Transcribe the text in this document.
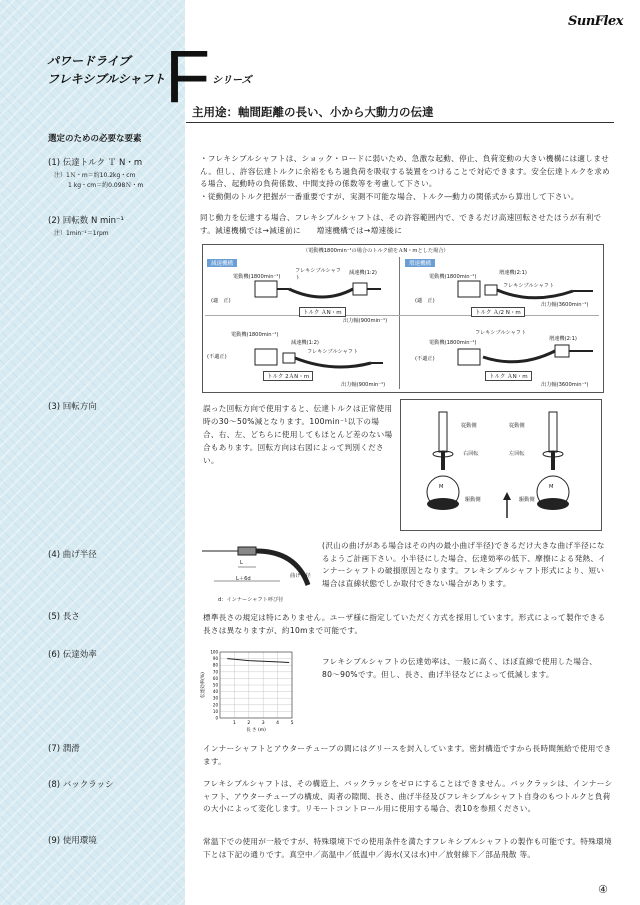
パワードライブ
フレキシブルシャフト F シリーズ
SunFlex
主用途：軸間距離の長い、小から大動力の伝達
選定のための必要な要素
(1) 伝達トルク Ｔ N・m
注）1Ｎ・m＝約10.2kg・cm
1 kg・cm＝約0.098Ｎ・m
・フレキシブルシャフトは、ショック・ロードに弱いため、急激な起動、停止、負荷変動の大きい機構には適しません。但し、許容伝達トルクに余裕をもち過負荷を吸収する装置をつけることで対応できます。安全伝達トルクを求める場合、起動時の負荷係数、中間支持の係数等を考慮して下さい。
・従動側のトルク把握が一番重要ですが、実測不可能な場合、トルク―動力の関係式から算出して下さい。
(2) 回転数 N min⁻¹
注）1min⁻¹＝1rpm
同じ動力を伝達する場合、フレキシブルシャフトは、その許容範囲内で、できるだけ高速回転させたほうが有利です。減速機構では→減速前に　　増速機構では→増速後に
（電動機1800min⁻¹の場合のトルク値をＡN・mとした場合）
減速機構	増速機構
電動機(1800min⁻¹)
フレキシブルシャフト
減速機(1:2)
(適　正)
トルク ＡN・m
出力軸(900min⁻¹)
電動機(1800min⁻¹)
減速機(1:2)
フレキシブルシャフト
(不適正)
トルク 2ＡN・m
出力軸(900min⁻¹)
電動機(1800min⁻¹)
増速機(2:1)
フレキシブルシャフト
(適　正)
トルク Ａ/2 N・m
出力軸(3600min⁻¹)
フレキシブルシャフト
電動機(1800min⁻¹)
増速機(2:1)
(不適正)
トルク ＡN・m
出力軸(3600min⁻¹)
(3) 回転方向	誤った回転方向で使用すると、伝達トルクは正常使用時の30〜50%減となります。100min⁻¹以下の場合、右、左、どちらに使用してもほとんど差のない場合もあります。回転方向は右図によって判別ください。
従動側	従動側
右回転	左回転
M	M
駆動側	駆動側
(4) 曲げ半径
L
L＋6d	曲げ半径
d：インナーシャフト呼び径
(沢山の曲げがある場合はその内の最小曲げ半径)できるだけ大きな曲げ半径になるようご計画下さい。小半径にした場合、伝達効率の低下、摩擦による発熱、インナーシャフトの破損原因となります。フレキシブルシャフト形式により、短い場合は直線状態でしか取付できない場合があります。
(5) 長さ	標準長さの規定は特にありません。ユーザ様に指定していただく方式を採用しています。形式によって製作できる長さは異なりますが、約10mまで可能です。
(6) 伝達効率
0
10
20
30
40
50
60
70
80
90
100
1	2	3	4	5
伝達効率(%)
長 さ (m)
フレキシブルシャフトの伝達効率は、一般に高く、ほぼ直線で使用した場合、80〜90%です。但し、長さ、曲げ半径などによって低減します。
(7) 潤滑	インナーシャフトとアウターチューブの間にはグリースを封入しています。密封構造ですから長時間無給で使用できます。
(8) バックラッシ	フレキシブルシャフトは、その構造上、バックラッシをゼロにすることはできません。バックラッシは、インナーシャフト、アウターチューブの構成、両者の隙間、長さ、曲げ半径及びフレキシブルシャフト自身のもつトルクと負荷の大小によって変化します。リモートコントロール用に使用する場合、表10を参照ください。
(9) 使用環境	常温下での使用が一般ですが、特殊環境下での使用条件を満たすフレキシブルシャフトの製作も可能です。特殊環境下とは下記の通りです。真空中／高温中／低温中／海水(又は水)中／放射線下／部品飛散 等。
④
